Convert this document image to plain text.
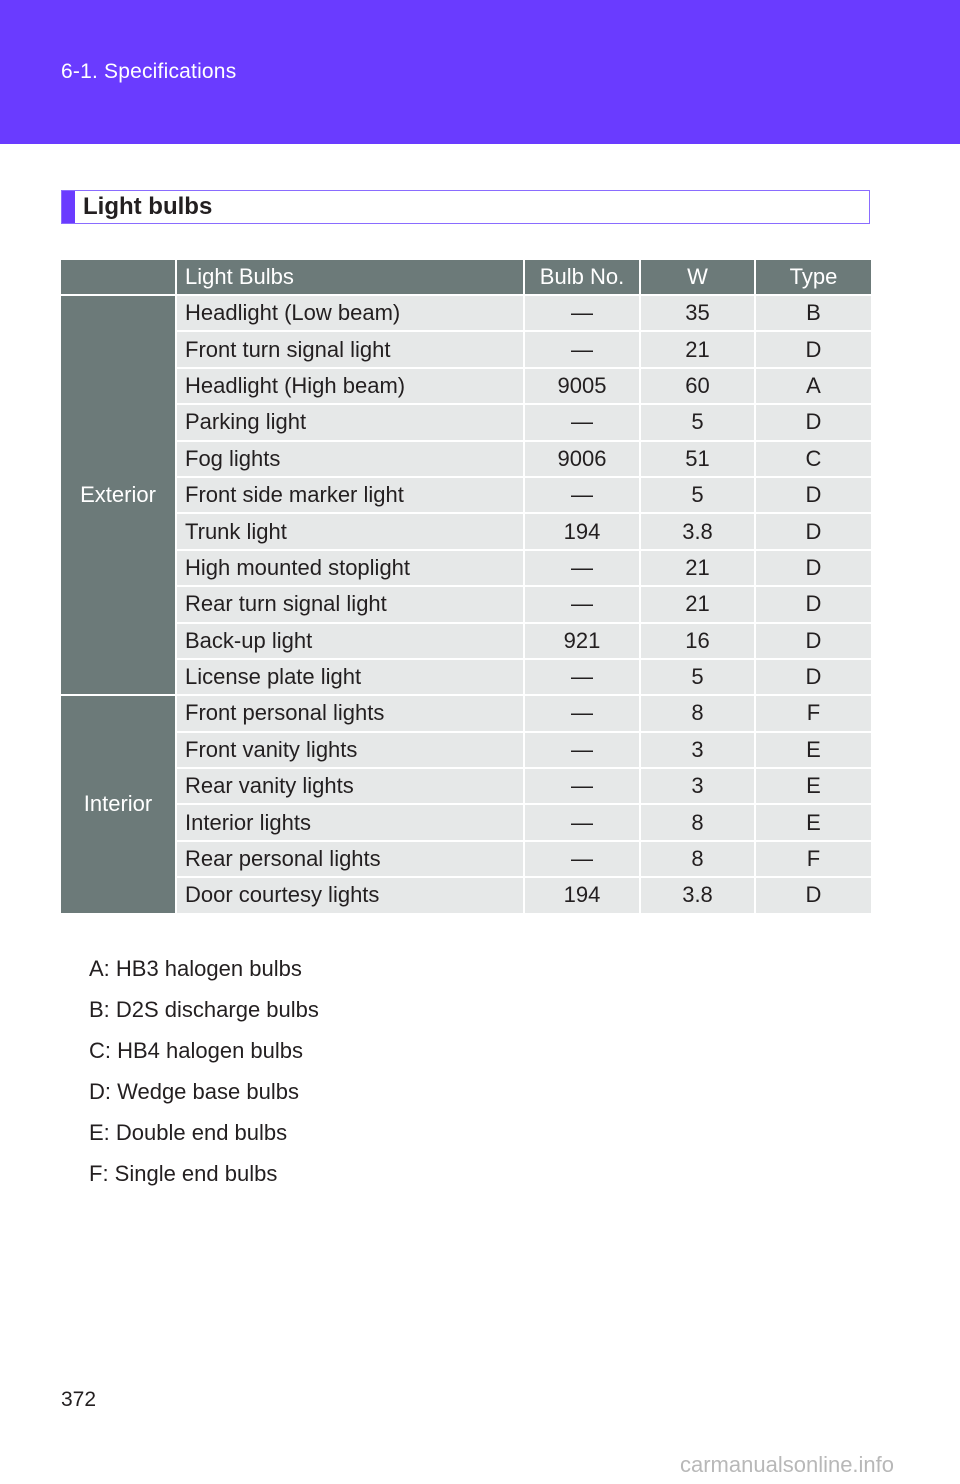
6-1. Specifications
Light bulbs
	Light Bulbs	Bulb No.	W	Type
Exterior	Headlight (Low beam)	—	35	B
	Front turn signal light	—	21	D
	Headlight (High beam)	9005	60	A
	Parking light	—	5	D
	Fog lights	9006	51	C
	Front side marker light	—	5	D
	Trunk light	194	3.8	D
	High mounted stoplight	—	21	D
	Rear turn signal light	—	21	D
	Back-up light	921	16	D
	License plate light	—	5	D
Interior	Front personal lights	—	8	F
	Front vanity lights	—	3	E
	Rear vanity lights	—	3	E
	Interior lights	—	8	E
	Rear personal lights	—	8	F
	Door courtesy lights	194	3.8	D
A: HB3 halogen bulbs
B: D2S discharge bulbs
C: HB4 halogen bulbs
D: Wedge base bulbs
E: Double end bulbs
F: Single end bulbs
372
carmanualsonline.info
